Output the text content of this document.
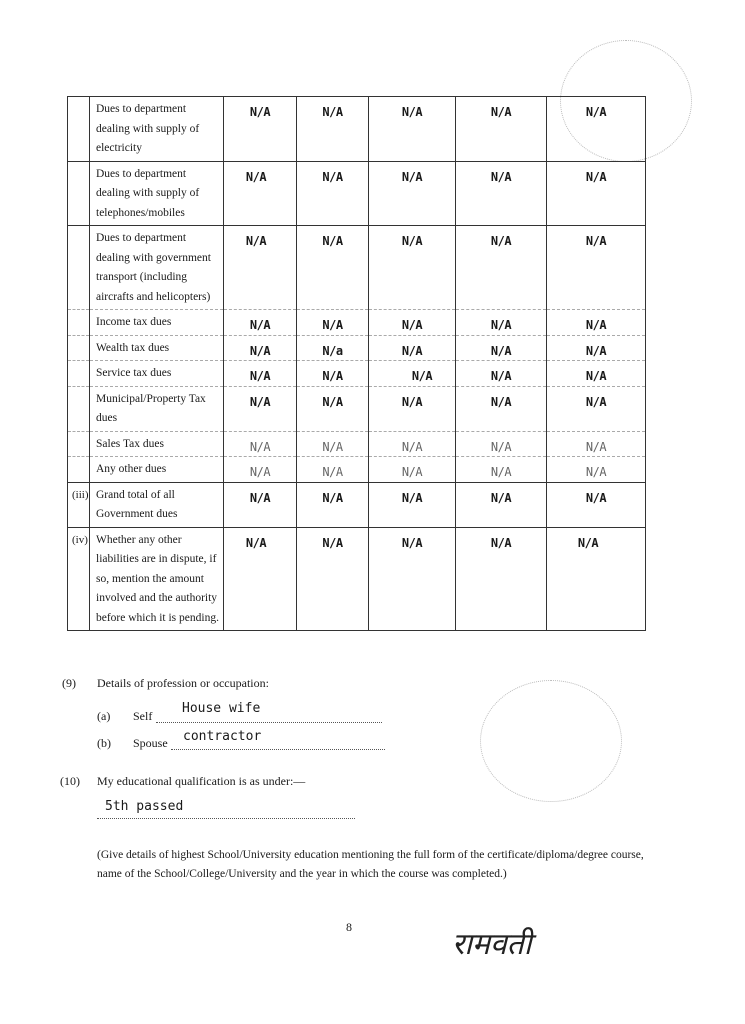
	Dues to department dealing with supply of electricity	N/A	N/A	N/A	N/A	N/A
	Dues to department dealing with supply of telephones/mobiles	N/A	N/A	N/A	N/A	N/A
	Dues to department dealing with government transport (including aircrafts and helicopters)	N/A	N/A	N/A	N/A	N/A
	Income tax dues	N/A	N/A	N/A	N/A	N/A
	Wealth tax dues	N/A	N/a	N/A	N/A	N/A
	Service tax dues	N/A	N/A	N/A	N/A	N/A
	Municipal/Property Tax dues	N/A	N/A	N/A	N/A	N/A
	Sales Tax dues	N/A	N/A	N/A	N/A	N/A
	Any other dues	N/A	N/A	N/A	N/A	N/A
(iii)	Grand total of all Government dues	N/A	N/A	N/A	N/A	N/A
(iv)	Whether any other liabilities are in dispute, if so, mention the amount involved and the authority before which it is pending.	N/A	N/A	N/A	N/A	N/A
(9) Details of profession or occupation:
(a) Self House wife
(b) Spouse contractor
(10) My educational qualification is as under:—
5th passed
(Give details of highest School/University education mentioning the full form of the certificate/diploma/degree course, name of the School/College/University and the year in which the course was completed.)
8	रामवती
